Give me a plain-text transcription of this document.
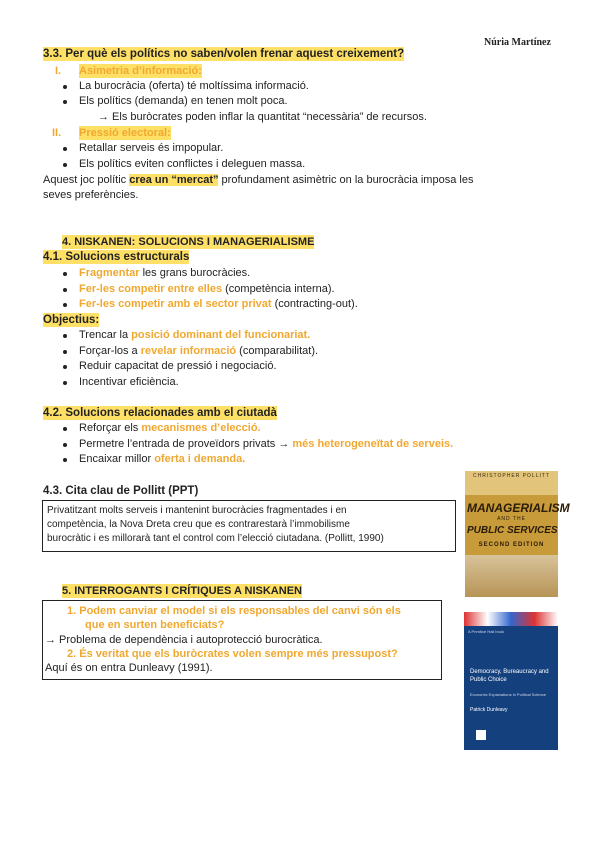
Núria Martínez
3.3. Per què els polítics no saben/volen frenar aquest creixement?
I. Asimetria d’informació:
La burocràcia (oferta) té moltíssima informació.
Els polítics (demanda) en tenen molt poca.
→ Els buròcrates poden inflar la quantitat “necessària” de recursos.
II. Pressió electoral:
Retallar serveis és impopular.
Els polítics eviten conflictes i deleguen massa.
Aquest joc polític crea un “mercat” profundament asimètric on la burocràcia imposa les
seves preferències.
4. NISKANEN: SOLUCIONS I MANAGERIALISME
4.1. Solucions estructurals
Fragmentar les grans burocràcies.
Fer-les competir entre elles (competència interna).
Fer-les competir amb el sector privat (contracting-out).
Objectius:
Trencar la posició dominant del funcionariat.
Forçar-los a revelar informació (comparabilitat).
Reduir capacitat de pressió i negociació.
Incentivar eficiència.
4.2. Solucions relacionades amb el ciutadà
Reforçar els mecanismes d’elecció.
Permetre l’entrada de proveïdors privats → més heterogeneïtat de serveis.
Encaixar millor oferta i demanda.
4.3. Cita clau de Pollitt (PPT)
Privatitzant molts serveis i mantenint burocràcies fragmentades i en
competència, la Nova Dreta creu que es contrarestarà l’immobilisme
burocràtic i es millorarà tant el control com l’elecció ciutadana. (Pollitt, 1990)
CHRISTOPHER POLLITT
MANAGERIALISM
AND THE
PUBLIC SERVICES
SECOND EDITION
5. INTERROGANTS I CRÍTIQUES A NISKANEN
1. Podem canviar el model si els responsables del canvi són els
que en surten beneficiats?
→ Problema de dependència i autoprotecció burocràtica.
2. És veritat que els buròcrates volen sempre més pressupost?
Aquí és on entra Dunleavy (1991).
A Prentice Hall book
Democracy, Bureaucracy and Public Choice
Economic Explanations in Political Science
Patrick Dunleavy
